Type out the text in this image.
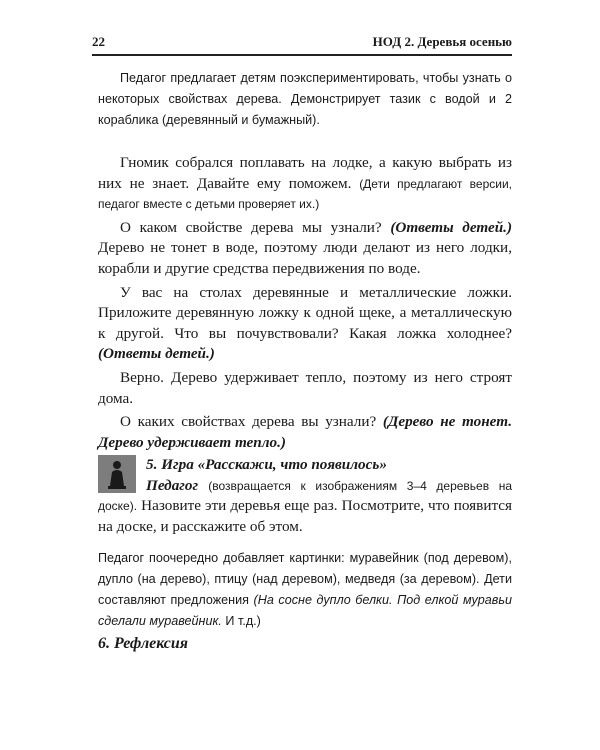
22	НОД 2. Деревья осенью

Педагог предлагает детям поэкспериментировать, чтобы узнать о некоторых свойствах дерева. Демонстрирует тазик с водой и 2 кораблика (деревянный и бумажный).

Гномик собрался поплавать на лодке, а какую выбрать из них не знает. Давайте ему поможем. (Дети предлагают версии, педагог вместе с детьми проверяет их.)

О каком свойстве дерева мы узнали? (Ответы детей.) Дерево не тонет в воде, поэтому люди делают из него лодки, корабли и другие средства передвижения по воде.

У вас на столах деревянные и металлические ложки. Приложите деревянную ложку к одной щеке, а металлическую к другой. Что вы почувствовали? Какая ложка холоднее? (Ответы детей.)

Верно. Дерево удерживает тепло, поэтому из него строят дома.

О каких свойствах дерева вы узнали? (Дерево не тонет. Дерево удерживает тепло.)

5. Игра «Расскажи, что появилось»
Педагог (возвращается к изображениям 3–4 деревьев на доске). Назовите эти деревья еще раз. Посмотрите, что появится на доске, и расскажите об этом.

Педагог поочередно добавляет картинки: муравейник (под деревом), дупло (на дерево), птицу (над деревом), медведя (за деревом). Дети составляют предложения (На сосне дупло белки. Под елкой муравьи сделали муравейник. И т.д.)

6. Рефлексия
